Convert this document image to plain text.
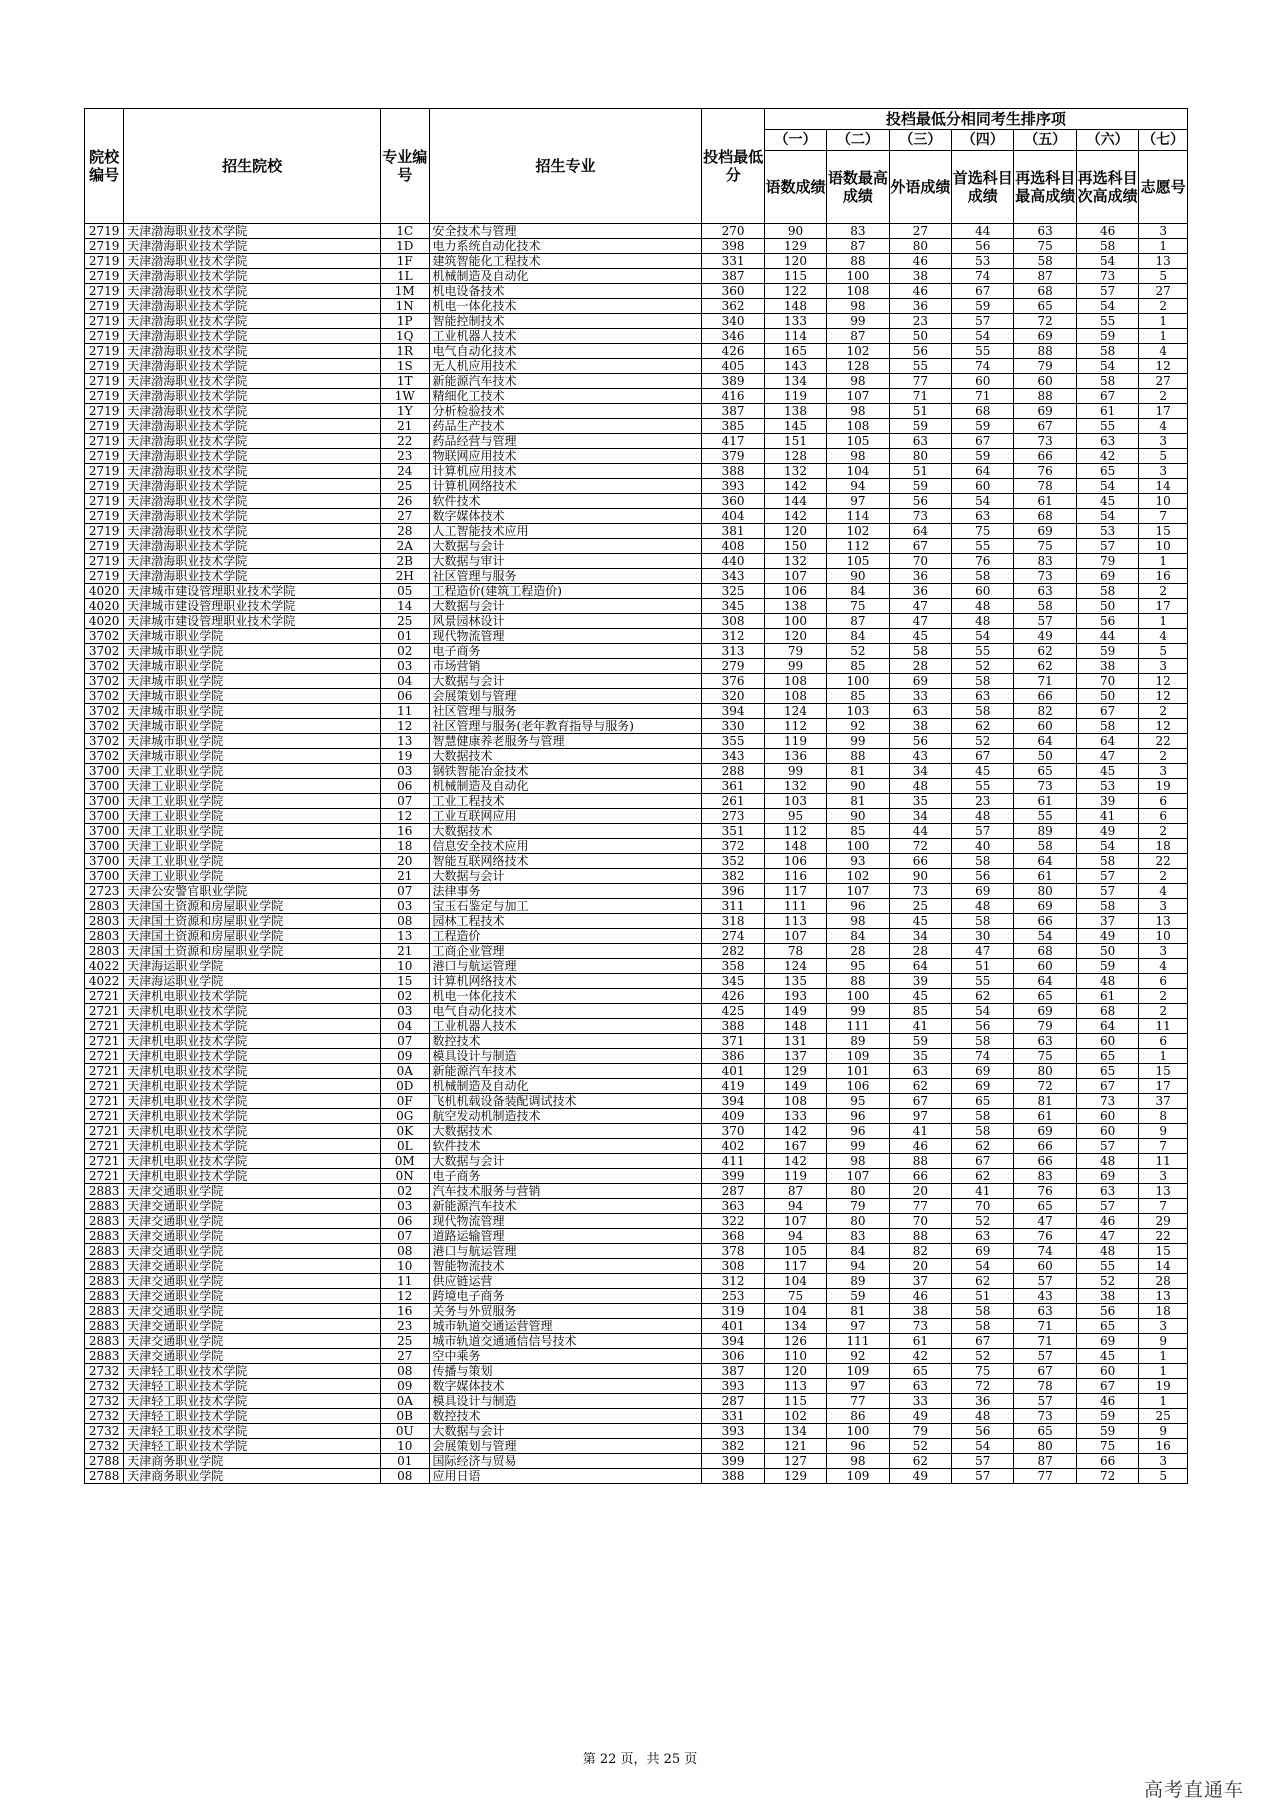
院校编号	招生院校	专业编号	招生专业	投档最低分	投档最低分相同考生排序项						
					（一）	（二）	（三）	（四）	（五）	（六）	（七）
					语数成绩	语数最高成绩	外语成绩	首选科目成绩	再选科目最高成绩	再选科目次高成绩	志愿号
2719	天津渤海职业技术学院	1C	安全技术与管理	270	90	83	27	44	63	46	3
2719	天津渤海职业技术学院	1D	电力系统自动化技术	398	129	87	80	56	75	58	1
2719	天津渤海职业技术学院	1F	建筑智能化工程技术	331	120	88	46	53	58	54	13
2719	天津渤海职业技术学院	1L	机械制造及自动化	387	115	100	38	74	87	73	5
2719	天津渤海职业技术学院	1M	机电设备技术	360	122	108	46	67	68	57	27
2719	天津渤海职业技术学院	1N	机电一体化技术	362	148	98	36	59	65	54	2
2719	天津渤海职业技术学院	1P	智能控制技术	340	133	99	23	57	72	55	1
2719	天津渤海职业技术学院	1Q	工业机器人技术	346	114	87	50	54	69	59	1
2719	天津渤海职业技术学院	1R	电气自动化技术	426	165	102	56	55	88	58	4
2719	天津渤海职业技术学院	1S	无人机应用技术	405	143	128	55	74	79	54	12
2719	天津渤海职业技术学院	1T	新能源汽车技术	389	134	98	77	60	60	58	27
2719	天津渤海职业技术学院	1W	精细化工技术	416	119	107	71	71	88	67	2
2719	天津渤海职业技术学院	1Y	分析检验技术	387	138	98	51	68	69	61	17
2719	天津渤海职业技术学院	21	药品生产技术	385	145	108	59	59	67	55	4
2719	天津渤海职业技术学院	22	药品经营与管理	417	151	105	63	67	73	63	3
2719	天津渤海职业技术学院	23	物联网应用技术	379	128	98	80	59	66	42	5
2719	天津渤海职业技术学院	24	计算机应用技术	388	132	104	51	64	76	65	3
2719	天津渤海职业技术学院	25	计算机网络技术	393	142	94	59	60	78	54	14
2719	天津渤海职业技术学院	26	软件技术	360	144	97	56	54	61	45	10
2719	天津渤海职业技术学院	27	数字媒体技术	404	142	114	73	63	68	54	7
2719	天津渤海职业技术学院	28	人工智能技术应用	381	120	102	64	75	69	53	15
2719	天津渤海职业技术学院	2A	大数据与会计	408	150	112	67	55	75	57	10
2719	天津渤海职业技术学院	2B	大数据与审计	440	132	105	70	76	83	79	1
2719	天津渤海职业技术学院	2H	社区管理与服务	343	107	90	36	58	73	69	16
4020	天津城市建设管理职业技术学院	05	工程造价(建筑工程造价)	325	106	84	36	60	63	58	2
4020	天津城市建设管理职业技术学院	14	大数据与会计	345	138	75	47	48	58	50	17
4020	天津城市建设管理职业技术学院	25	风景园林设计	308	100	87	47	48	57	56	1
3702	天津城市职业学院	01	现代物流管理	312	120	84	45	54	49	44	4
3702	天津城市职业学院	02	电子商务	313	79	52	58	55	62	59	5
3702	天津城市职业学院	03	市场营销	279	99	85	28	52	62	38	3
3702	天津城市职业学院	04	大数据与会计	376	108	100	69	58	71	70	12
3702	天津城市职业学院	06	会展策划与管理	320	108	85	33	63	66	50	12
3702	天津城市职业学院	11	社区管理与服务	394	124	103	63	58	82	67	2
3702	天津城市职业学院	12	社区管理与服务(老年教育指导与服务)	330	112	92	38	62	60	58	12
3702	天津城市职业学院	13	智慧健康养老服务与管理	355	119	99	56	52	64	64	22
3702	天津城市职业学院	19	大数据技术	343	136	88	43	67	50	47	2
3700	天津工业职业学院	03	钢铁智能冶金技术	288	99	81	34	45	65	45	3
3700	天津工业职业学院	06	机械制造及自动化	361	132	90	48	55	73	53	19
3700	天津工业职业学院	07	工业工程技术	261	103	81	35	23	61	39	6
3700	天津工业职业学院	12	工业互联网应用	273	95	90	34	48	55	41	6
3700	天津工业职业学院	16	大数据技术	351	112	85	44	57	89	49	2
3700	天津工业职业学院	18	信息安全技术应用	372	148	100	72	40	58	54	18
3700	天津工业职业学院	20	智能互联网络技术	352	106	93	66	58	64	58	22
3700	天津工业职业学院	21	大数据与会计	382	116	102	90	56	61	57	2
2723	天津公安警官职业学院	07	法律事务	396	117	107	73	69	80	57	4
2803	天津国土资源和房屋职业学院	03	宝玉石鉴定与加工	311	111	96	25	48	69	58	3
2803	天津国土资源和房屋职业学院	08	园林工程技术	318	113	98	45	58	66	37	13
2803	天津国土资源和房屋职业学院	13	工程造价	274	107	84	34	30	54	49	10
2803	天津国土资源和房屋职业学院	21	工商企业管理	282	78	28	28	47	68	50	3
4022	天津海运职业学院	10	港口与航运管理	358	124	95	64	51	60	59	4
4022	天津海运职业学院	15	计算机网络技术	345	135	88	39	55	64	48	6
2721	天津机电职业技术学院	02	机电一体化技术	426	193	100	45	62	65	61	2
2721	天津机电职业技术学院	03	电气自动化技术	425	149	99	85	54	69	68	2
2721	天津机电职业技术学院	04	工业机器人技术	388	148	111	41	56	79	64	11
2721	天津机电职业技术学院	07	数控技术	371	131	89	59	58	63	60	6
2721	天津机电职业技术学院	09	模具设计与制造	386	137	109	35	74	75	65	1
2721	天津机电职业技术学院	0A	新能源汽车技术	401	129	101	63	69	80	65	15
2721	天津机电职业技术学院	0D	机械制造及自动化	419	149	106	62	69	72	67	17
2721	天津机电职业技术学院	0F	飞机机载设备装配调试技术	394	108	95	67	65	81	73	37
2721	天津机电职业技术学院	0G	航空发动机制造技术	409	133	96	97	58	61	60	8
2721	天津机电职业技术学院	0K	大数据技术	370	142	96	41	58	69	60	9
2721	天津机电职业技术学院	0L	软件技术	402	167	99	46	62	66	57	7
2721	天津机电职业技术学院	0M	大数据与会计	411	142	98	88	67	66	48	11
2721	天津机电职业技术学院	0N	电子商务	399	119	107	66	62	83	69	3
2883	天津交通职业学院	02	汽车技术服务与营销	287	87	80	20	41	76	63	13
2883	天津交通职业学院	03	新能源汽车技术	363	94	79	77	70	65	57	7
2883	天津交通职业学院	06	现代物流管理	322	107	80	70	52	47	46	29
2883	天津交通职业学院	07	道路运输管理	368	94	83	88	63	76	47	22
2883	天津交通职业学院	08	港口与航运管理	378	105	84	82	69	74	48	15
2883	天津交通职业学院	10	智能物流技术	308	117	94	20	54	60	55	14
2883	天津交通职业学院	11	供应链运营	312	104	89	37	62	57	52	28
2883	天津交通职业学院	12	跨境电子商务	253	75	59	46	51	43	38	13
2883	天津交通职业学院	16	关务与外贸服务	319	104	81	38	58	63	56	18
2883	天津交通职业学院	23	城市轨道交通运营管理	401	134	97	73	58	71	65	3
2883	天津交通职业学院	25	城市轨道交通通信信号技术	394	126	111	61	67	71	69	9
2883	天津交通职业学院	27	空中乘务	306	110	92	42	52	57	45	1
2732	天津轻工职业技术学院	08	传播与策划	387	120	109	65	75	67	60	1
2732	天津轻工职业技术学院	09	数字媒体技术	393	113	97	63	72	78	67	19
2732	天津轻工职业技术学院	0A	模具设计与制造	287	115	77	33	36	57	46	1
2732	天津轻工职业技术学院	0B	数控技术	331	102	86	49	48	73	59	25
2732	天津轻工职业技术学院	0U	大数据与会计	393	134	100	79	56	65	59	9
2732	天津轻工职业技术学院	10	会展策划与管理	382	121	96	52	54	80	75	16
2788	天津商务职业学院	01	国际经济与贸易	399	127	98	62	57	87	66	3
2788	天津商务职业学院	08	应用日语	388	129	109	49	57	77	72	5
第 22 页，共 25 页
高考直通车
